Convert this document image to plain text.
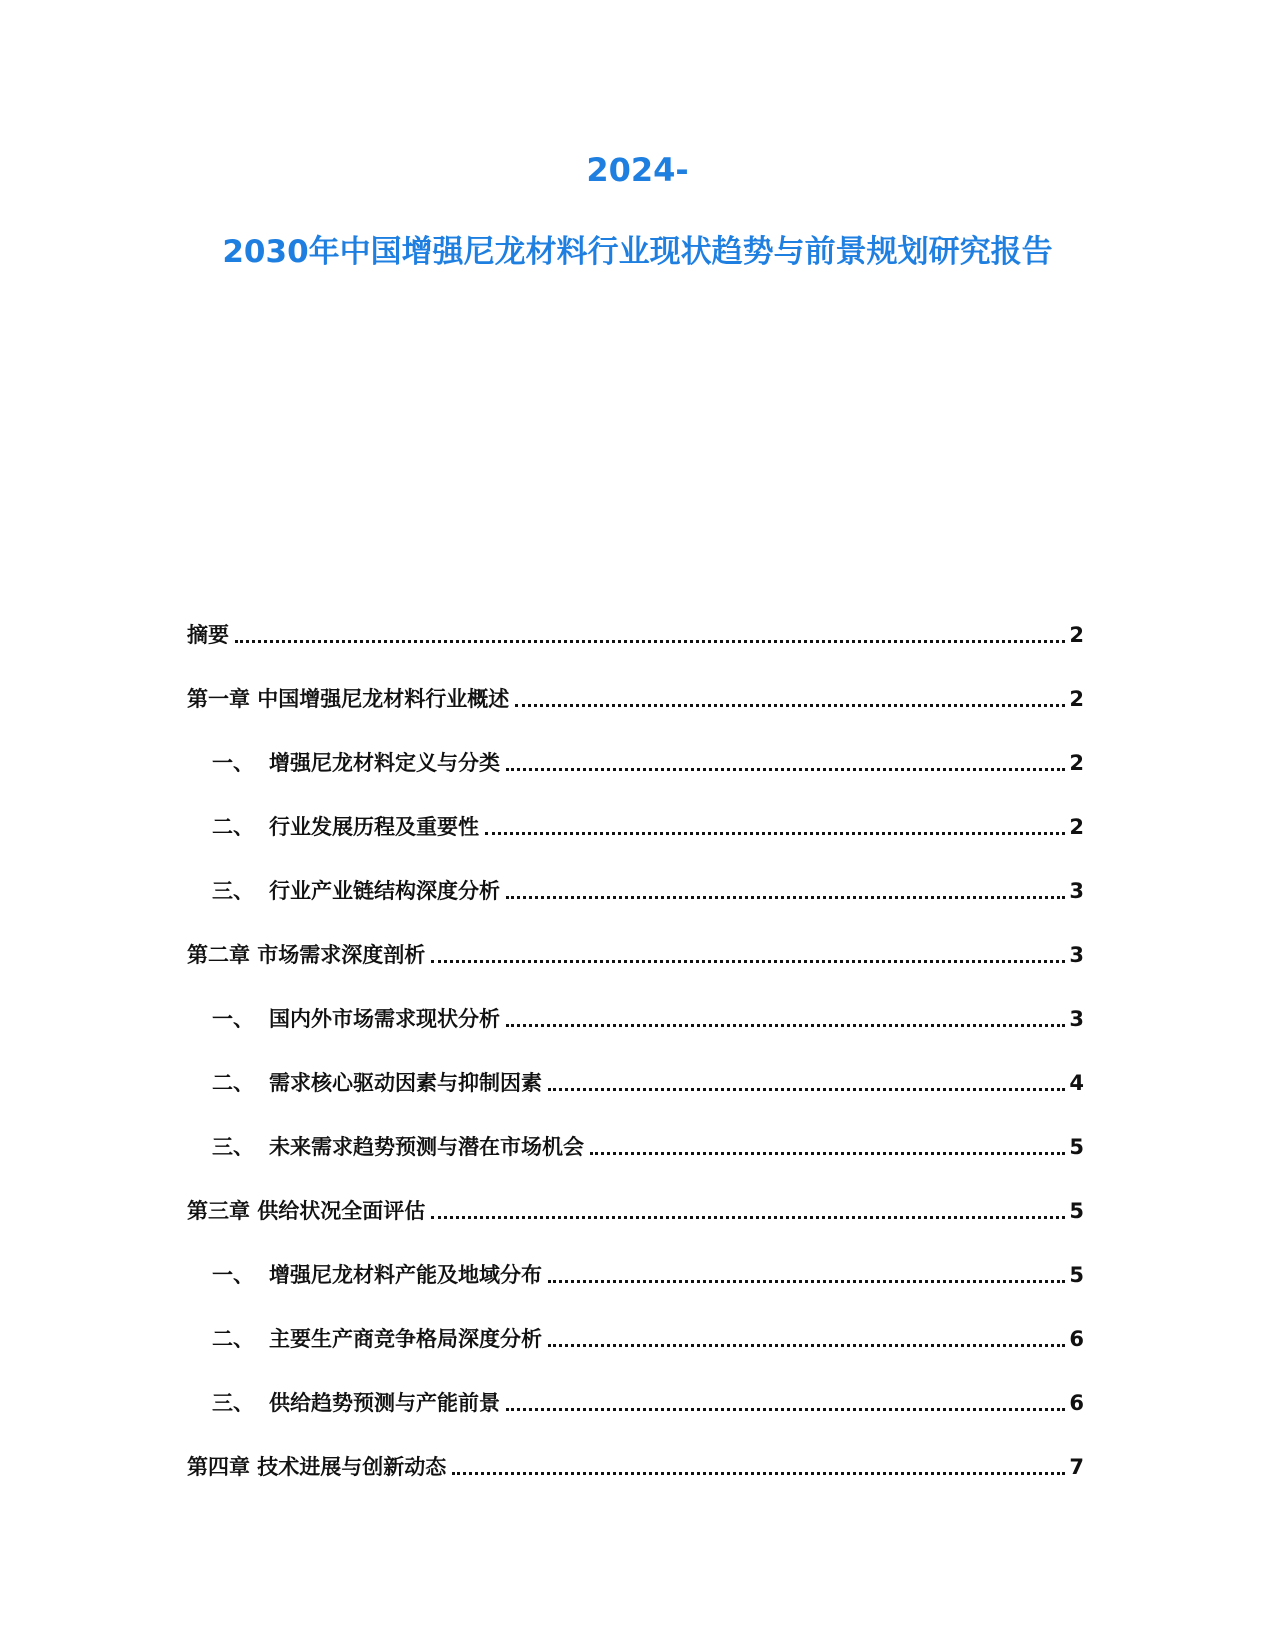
2024-
2030年中国增强尼龙材料行业现状趋势与前景规划研究报告
摘要	2
第一章 中国增强尼龙材料行业概述	2
一、 增强尼龙材料定义与分类	2
二、 行业发展历程及重要性	2
三、 行业产业链结构深度分析	3
第二章 市场需求深度剖析	3
一、 国内外市场需求现状分析	3
二、 需求核心驱动因素与抑制因素	4
三、 未来需求趋势预测与潜在市场机会	5
第三章 供给状况全面评估	5
一、 增强尼龙材料产能及地域分布	5
二、 主要生产商竞争格局深度分析	6
三、 供给趋势预测与产能前景	6
第四章 技术进展与创新动态	7
